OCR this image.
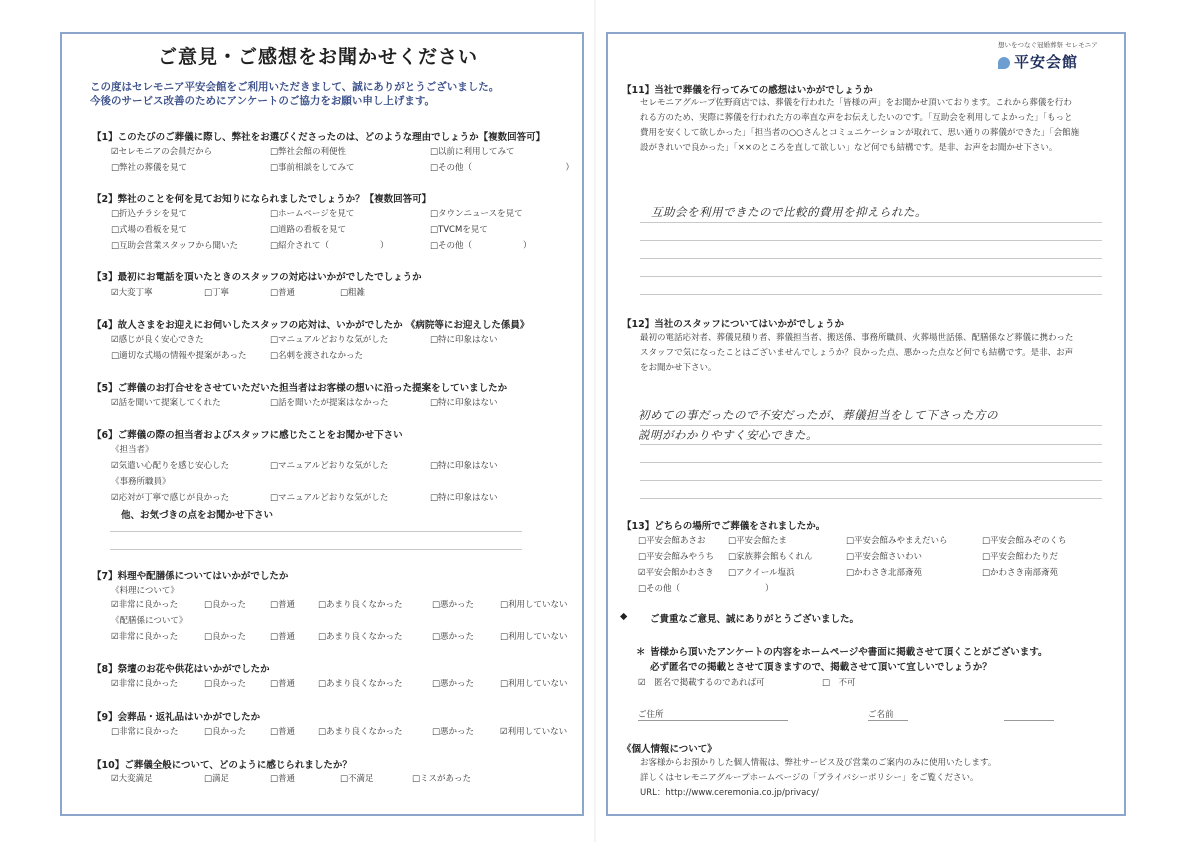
ご意見・ご感想をお聞かせください
この度はセレモニア平安会館をご利用いただきまして、誠にありがとうございました。
今後のサービス改善のためにアンケートのご協力をお願い申し上げます。
【1】このたびのご葬儀に際し、弊社をお選びくださったのは、どのような理由でしょうか【複数回答可】
☑セレモニアの会員だから	□弊社会館の利便性	□以前に利用してみて
□弊社の葬儀を見て	□事前相談をしてみて	□その他（　　　　　　　　　　　）
【2】弊社のことを何を見てお知りになられましたでしょうか？【複数回答可】
□折込チラシを見て	□ホームページを見て	□タウンニュースを見て
□式場の看板を見て	□道路の看板を見て	□TVCMを見て
□互助会営業スタッフから聞いた	□紹介されて（　　　　　　）	□その他（　　　　　　）
【3】最初にお電話を頂いたときのスタッフの対応はいかがでしたでしょうか
☑大変丁寧	□丁寧	□普通	□粗雑
【4】故人さまをお迎えにお伺いしたスタッフの応対は、いかがでしたか 《病院等にお迎えした係員》
☑感じが良く安心できた	□マニュアルどおりな気がした	□特に印象はない
□適切な式場の情報や提案があった	□名刺を渡されなかった
【5】ご葬儀のお打合せをさせていただいた担当者はお客様の想いに沿った提案をしていましたか
☑話を聞いて提案してくれた	□話を聞いたが提案はなかった	□特に印象はない
【6】ご葬儀の際の担当者およびスタッフに感じたことをお聞かせ下さい
《担当者》
☑気遣い心配りを感じ安心した	□マニュアルどおりな気がした	□特に印象はない
《事務所職員》
☑応対が丁寧で感じが良かった	□マニュアルどおりな気がした	□特に印象はない
他、お気づきの点をお聞かせ下さい
【7】料理や配膳係についてはいかがでしたか
《料理について》
☑非常に良かった	□良かった	□普通	□あまり良くなかった	□悪かった	□利用していない
《配膳係について》
☑非常に良かった	□良かった	□普通	□あまり良くなかった	□悪かった	□利用していない
【8】祭壇のお花や供花はいかがでしたか
☑非常に良かった	□良かった	□普通	□あまり良くなかった	□悪かった	□利用していない
【9】会葬品・返礼品はいかがでしたか
□非常に良かった	□良かった	□普通	□あまり良くなかった	□悪かった	☑利用していない
【10】ご葬儀全般について、どのように感じられましたか？
☑大変満足	□満足	□普通	□不満足	□ミスがあった
想いをつなぐ冠婚葬祭 セレモニア
平安会館
【11】当社で葬儀を行ってみての感想はいかがでしょうか
セレモニアグループ佐野商店では、葬儀を行われた「皆様の声」をお聞かせ頂いております。これから葬儀を行われる方のため、実際に葬儀を行われた方の率直な声をお伝えしたいのです。「互助会を利用してよかった」「もっと費用を安くして欲しかった」「担当者の○○さんとコミュニケーションが取れて、思い通りの葬儀ができた」「会館施設がきれいで良かった」「××のところを直して欲しい」など何でも結構です。是非、お声をお聞かせ下さい。
互助会を利用できたので比較的費用を抑えられた。
【12】当社のスタッフについてはいかがでしょうか
最初の電話応対者、葬儀見積り者、葬儀担当者、搬送係、事務所職員、火葬場世話係、配膳係など葬儀に携わったスタッフで気になったことはございませんでしょうか？良かった点、悪かった点など何でも結構です。是非、お声をお聞かせ下さい。
初めての事だったので不安だったが、葬儀担当をして下さった方の
説明がわかりやすく安心できた。
【13】どちらの場所でご葬儀をされましたか。
□平安会館あさお	□平安会館たま	□平安会館みやまえだいら	□平安会館みぞのくち
□平安会館みやうち □家族葬会館もくれん	□平安会館さいわい	□平安会館わたりだ
☑平安会館かわさき □アクイール塩浜	□かわさき北部斎苑	□かわさき南部斎苑
□その他（　　　　　　　　　　）
◆ ご貴重なご意見、誠にありがとうございました。
＊ 皆様から頂いたアンケートの内容をホームページや書面に掲載させて頂くことがございます。
必ず匿名での掲載とさせて頂きますので、掲載させて頂いて宜しいでしょうか？
☑　匿名で掲載するのであれば可	□　不可
ご住所	ご名前
《個人情報について》
お客様からお預かりした個人情報は、弊社サービス及び営業のご案内のみに使用いたします。
詳しくはセレモニアグループホームページの「プライバシーポリシー」をご覧ください。
URL：http://www.ceremonia.co.jp/privacy/
